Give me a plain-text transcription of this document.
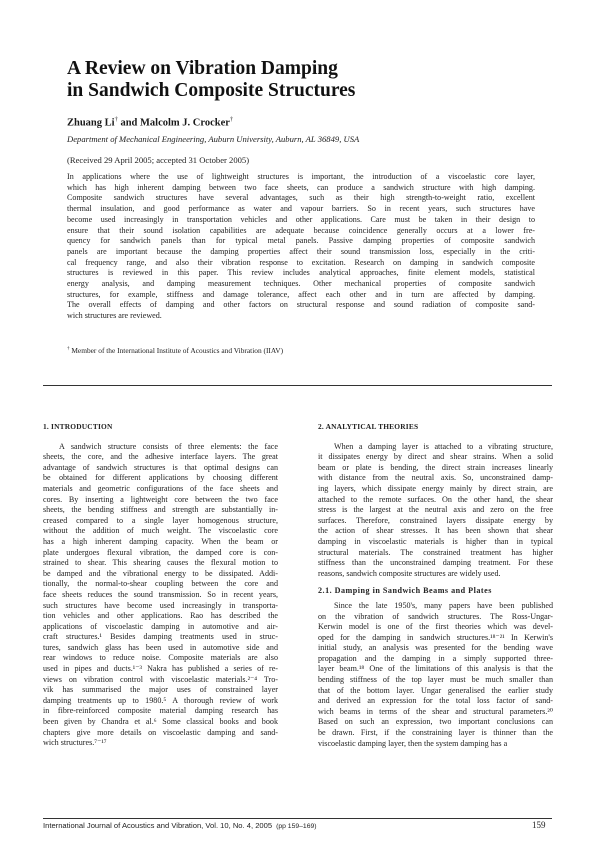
A Review on Vibration Damping
in Sandwich Composite Structures
Zhuang Li† and Malcolm J. Crocker†
Department of Mechanical Engineering, Auburn University, Auburn, AL 36849, USA
(Received 29 April 2005; accepted 31 October 2005)
In applications where the use of lightweight structures is important, the introduction of a viscoelastic core layer,
which has high inherent damping between two face sheets, can produce a sandwich structure with high damping.
Composite sandwich structures have several advantages, such as their high strength-to-weight ratio, excellent
thermal insulation, and good performance as water and vapour barriers. So in recent years, such structures have
become used increasingly in transportation vehicles and other applications. Care must be taken in their design to
ensure that their sound isolation capabilities are adequate because coincidence generally occurs at a lower fre-
quency for sandwich panels than for typical metal panels. Passive damping properties of composite sandwich
panels are important because the damping properties affect their sound transmission loss, especially in the criti-
cal frequency range, and also their vibration response to excitation. Research on damping in sandwich composite
structures is reviewed in this paper. This review includes analytical approaches, finite element models, statistical
energy analysis, and damping measurement techniques. Other mechanical properties of composite sandwich
structures, for example, stiffness and damage tolerance, affect each other and in turn are affected by damping.
The overall effects of damping and other factors on structural response and sound radiation of composite sand-
wich structures are reviewed.
† Member of the International Institute of Acoustics and Vibration (IIAV)
1. INTRODUCTION
A sandwich structure consists of three elements: the face
sheets, the core, and the adhesive interface layers. The great
advantage of sandwich structures is that optimal designs can
be obtained for different applications by choosing different
materials and geometric configurations of the face sheets and
cores. By inserting a lightweight core between the two face
sheets, the bending stiffness and strength are substantially in-
creased compared to a single layer homogenous structure,
without the addition of much weight. The viscoelastic core
has a high inherent damping capacity. When the beam or
plate undergoes flexural vibration, the damped core is con-
strained to shear. This shearing causes the flexural motion to
be damped and the vibrational energy to be dissipated. Addi-
tionally, the normal-to-shear coupling between the core and
face sheets reduces the sound transmission. So in recent years,
such structures have become used increasingly in transporta-
tion vehicles and other applications. Rao has described the
applications of viscoelastic damping in automotive and air-
craft structures.¹ Besides damping treatments used in struc-
tures, sandwich glass has been used in automotive side and
rear windows to reduce noise. Composite materials are also
used in pipes and ducts.¹⁻³ Nakra has published a series of re-
views on vibration control with viscoelastic materials.²⁻⁴ Tro-
vik has summarised the major uses of constrained layer
damping treatments up to 1980.⁵ A thorough review of work
in fibre-reinforced composite material damping research has
been given by Chandra et al.⁶ Some classical books and book
chapters give more details on viscoelastic damping and sand-
wich structures.⁷⁻¹⁷
2. ANALYTICAL THEORIES
When a damping layer is attached to a vibrating structure,
it dissipates energy by direct and shear strains. When a solid
beam or plate is bending, the direct strain increases linearly
with distance from the neutral axis. So, unconstrained damp-
ing layers, which dissipate energy mainly by direct strain, are
attached to the remote surfaces. On the other hand, the shear
stress is the largest at the neutral axis and zero on the free
surfaces. Therefore, constrained layers dissipate energy by
the action of shear stresses. It has been shown that shear
damping in viscoelastic materials is higher than in typical
structural materials. The constrained treatment has higher
stiffness than the unconstrained damping treatment. For these
reasons, sandwich composite structures are widely used.
2.1. Damping in Sandwich Beams and Plates
Since the late 1950's, many papers have been published
on the vibration of sandwich structures. The Ross-Ungar-
Kerwin model is one of the first theories which was devel-
oped for the damping in sandwich structures.¹⁸⁻²¹ In Kerwin's
initial study, an analysis was presented for the bending wave
propagation and the damping in a simply supported three-
layer beam.¹⁸ One of the limitations of this analysis is that the
bending stiffness of the top layer must be much smaller than
that of the bottom layer. Ungar generalised the earlier study
and derived an expression for the total loss factor of sand-
wich beams in terms of the shear and structural parameters.²⁰
Based on such an expression, two important conclusions can
be drawn. First, if the constraining layer is thinner than the
viscoelastic damping layer, then the system damping has a
International Journal of Acoustics and Vibration, Vol. 10, No. 4, 2005 (pp 159–169)	159
